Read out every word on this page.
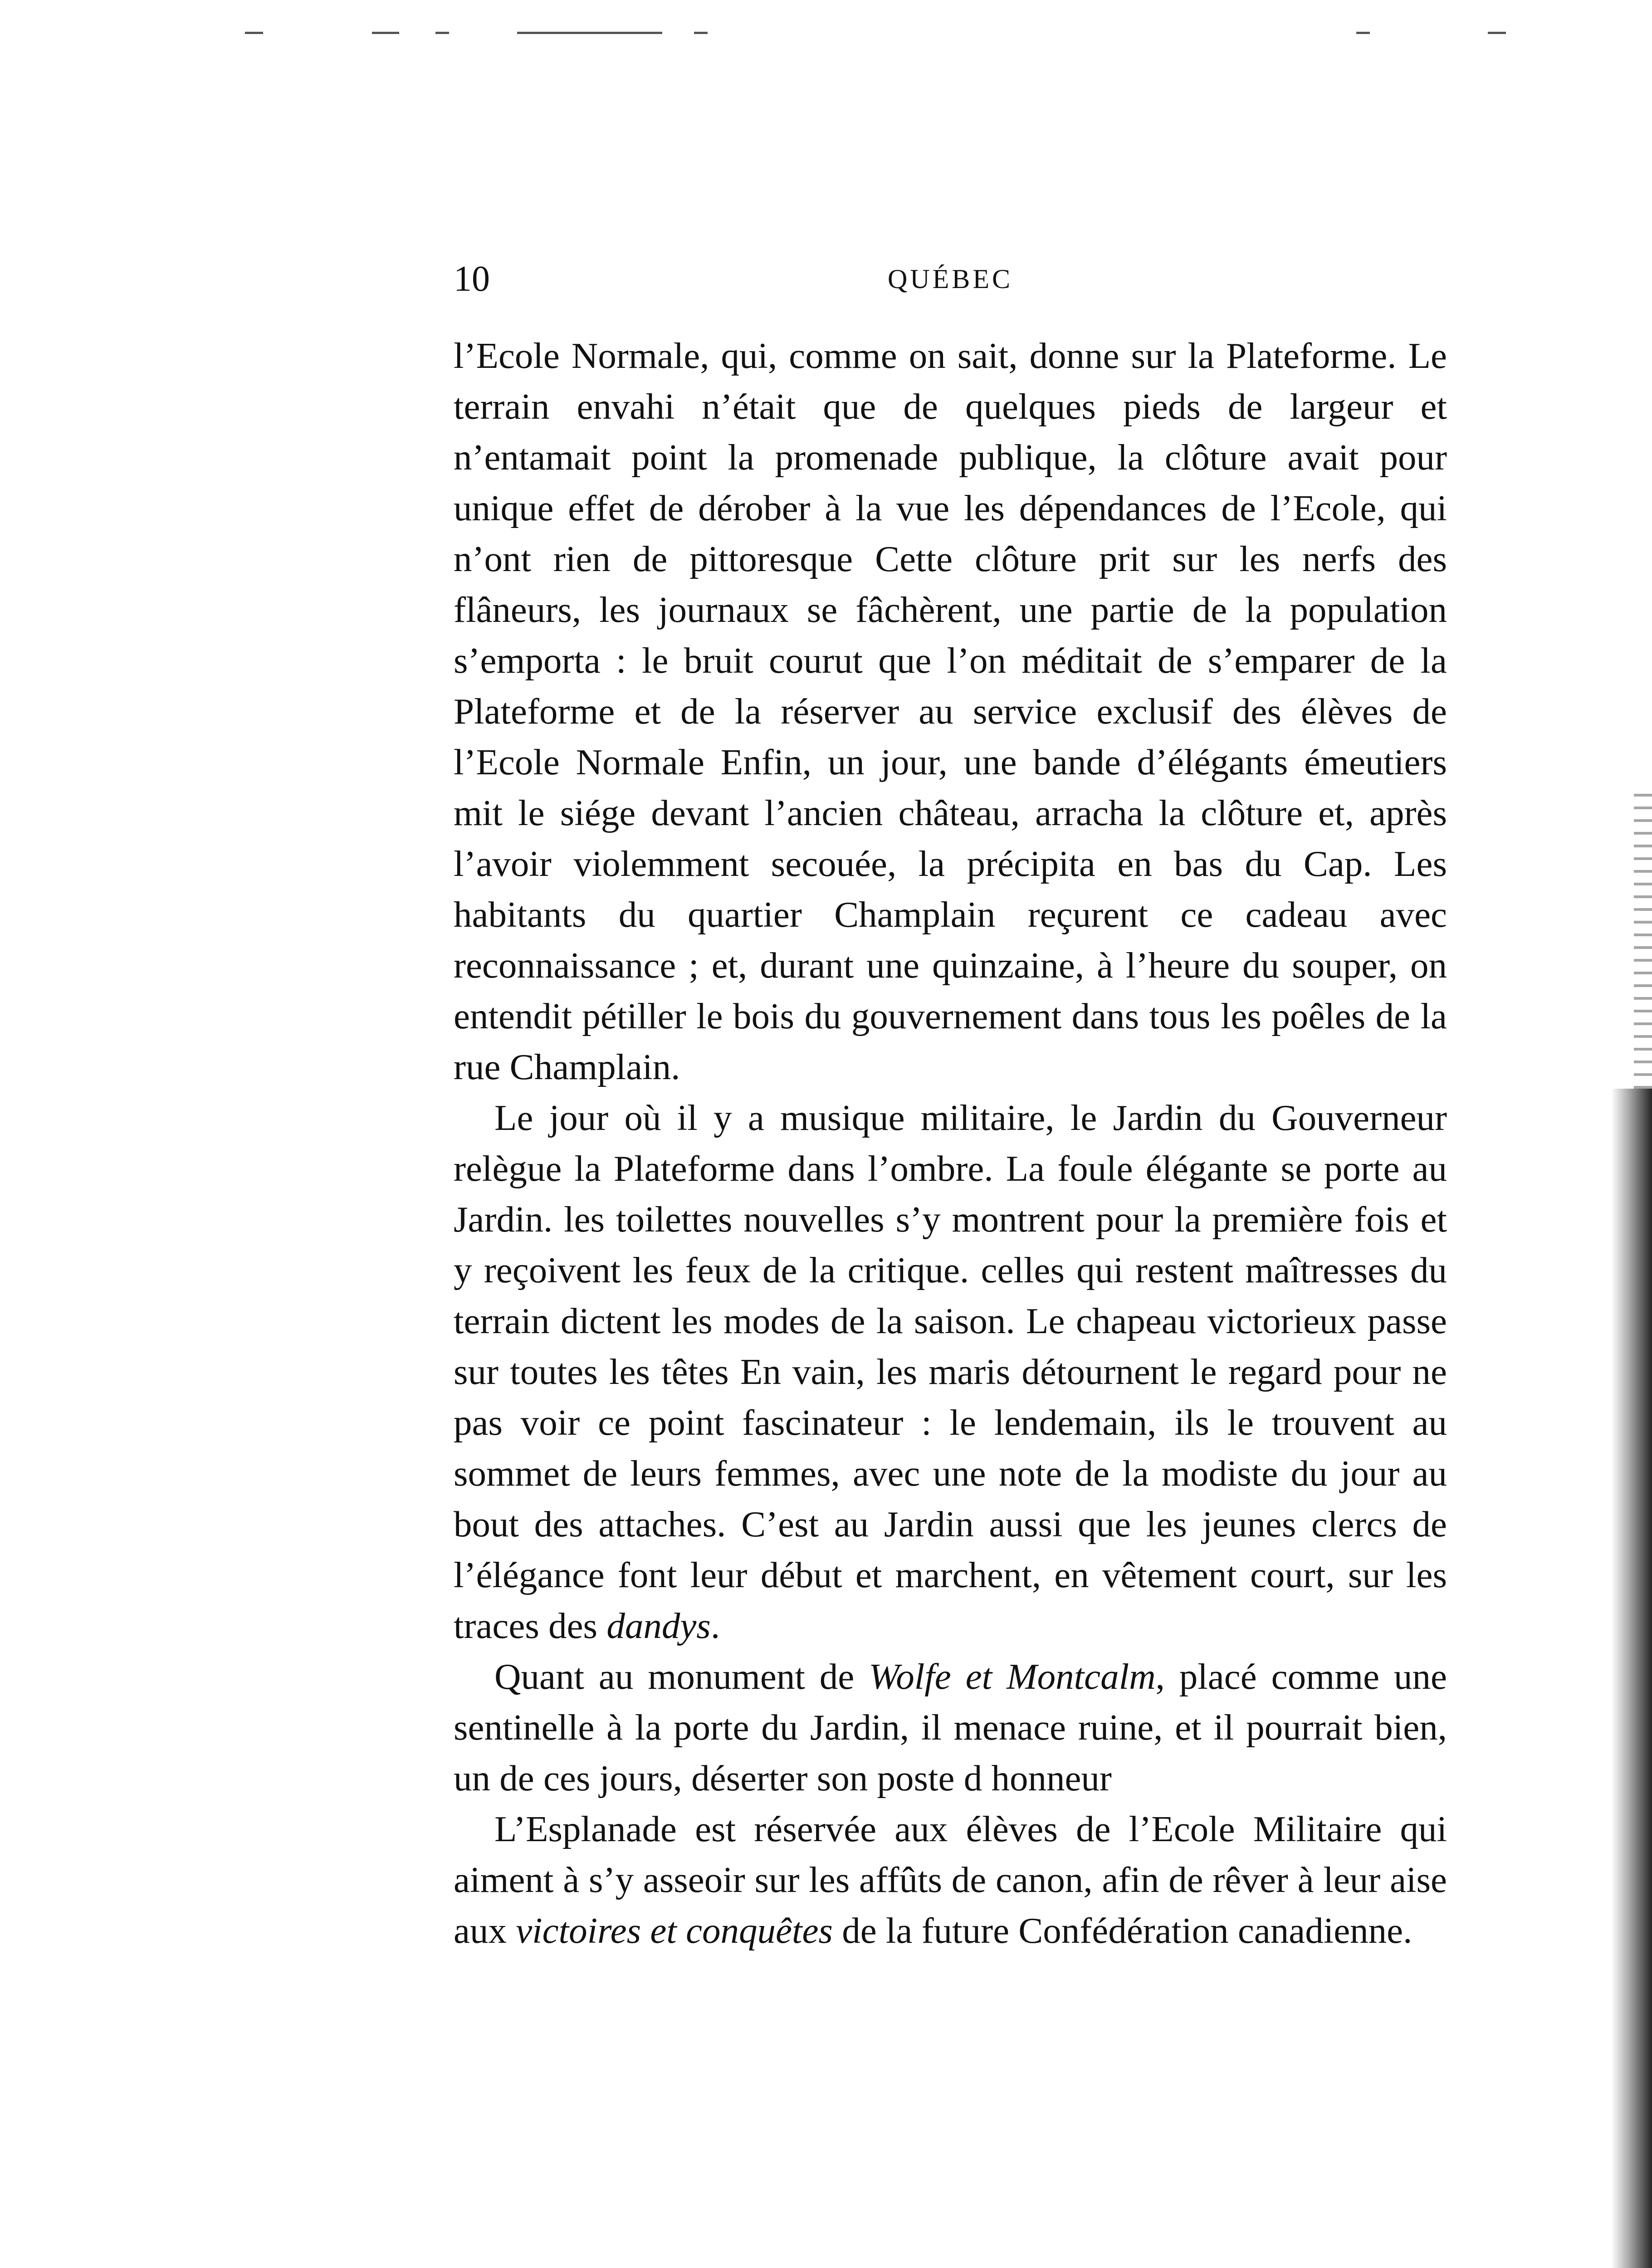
10	QUÉBEC

l’Ecole Normale, qui, comme on sait, donne sur la Plateforme. Le terrain envahi n’était que de quelques pieds de largeur et n’entamait point la promenade publique, la clôture avait pour unique effet de dérober à la vue les dépendances de l’Ecole, qui n’ont rien de pittoresque Cette clôture prit sur les nerfs des flâneurs, les journaux se fâchèrent, une partie de la population s’emporta : le bruit courut que l’on méditait de s’emparer de la Plateforme et de la réserver au service exclusif des élèves de l’Ecole Normale Enfin, un jour, une bande d’élégants émeutiers mit le siége devant l’ancien château, arracha la clôture et, après l’avoir violemment secouée, la précipita en bas du Cap. Les habitants du quartier Champlain reçurent ce cadeau avec reconnaissance ; et, durant une quinzaine, à l’heure du souper, on entendit pétiller le bois du gouvernement dans tous les poêles de la rue Champlain.

Le jour où il y a musique militaire, le Jardin du Gouverneur relègue la Plateforme dans l’ombre. La foule élégante se porte au Jardin. les toilettes nouvelles s’y montrent pour la première fois et y reçoivent les feux de la critique. celles qui restent maîtresses du terrain dictent les modes de la saison. Le chapeau victorieux passe sur toutes les têtes En vain, les maris détournent le regard pour ne pas voir ce point fascinateur : le lendemain, ils le trouvent au sommet de leurs femmes, avec une note de la modiste du jour au bout des attaches. C’est au Jardin aussi que les jeunes clercs de l’élégance font leur début et marchent, en vêtement court, sur les traces des dandys.

Quant au monument de Wolfe et Montcalm, placé comme une sentinelle à la porte du Jardin, il menace ruine, et il pourrait bien, un de ces jours, déserter son poste d honneur

L’Esplanade est réservée aux élèves de l’Ecole Militaire qui aiment à s’y asseoir sur les affûts de canon, afin de rêver à leur aise aux victoires et conquêtes de la future Confédération canadienne.
